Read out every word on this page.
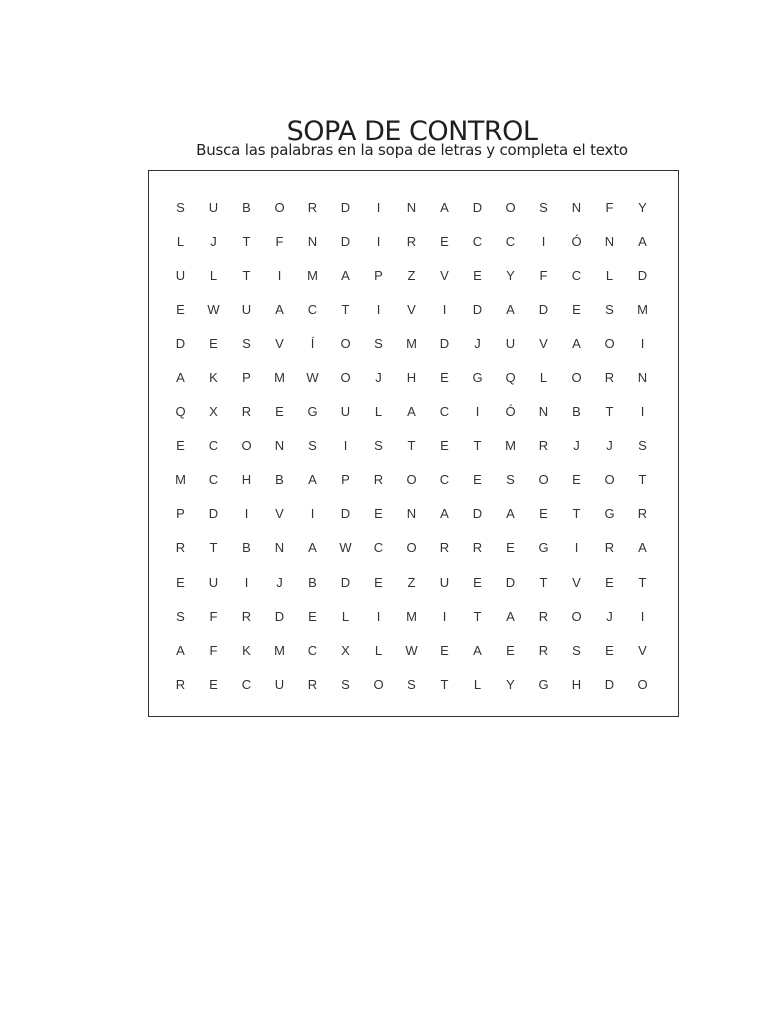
SOPA DE CONTROL
Busca las palabras en la sopa de letras y completa el texto
S	U	B	O	R	D	I	N	A	D	O	S	N	F	Y
L	J	T	F	N	D	I	R	E	C	C	I	Ó	N	A
U	L	T	I	M	A	P	Z	V	E	Y	F	C	L	D
E	W	U	A	C	T	I	V	I	D	A	D	E	S	M
D	E	S	V	Í	O	S	M	D	J	U	V	A	O	I
A	K	P	M	W	O	J	H	E	G	Q	L	O	R	N
Q	X	R	E	G	U	L	A	C	I	Ó	N	B	T	I
E	C	O	N	S	I	S	T	E	T	M	R	J	J	S
M	C	H	B	A	P	R	O	C	E	S	O	E	O	T
P	D	I	V	I	D	E	N	A	D	A	E	T	G	R
R	T	B	N	A	W	C	O	R	R	E	G	I	R	A
E	U	I	J	B	D	E	Z	U	E	D	T	V	E	T
S	F	R	D	E	L	I	M	I	T	A	R	O	J	I
A	F	K	M	C	X	L	W	E	A	E	R	S	E	V
R	E	C	U	R	S	O	S	T	L	Y	G	H	D	O
